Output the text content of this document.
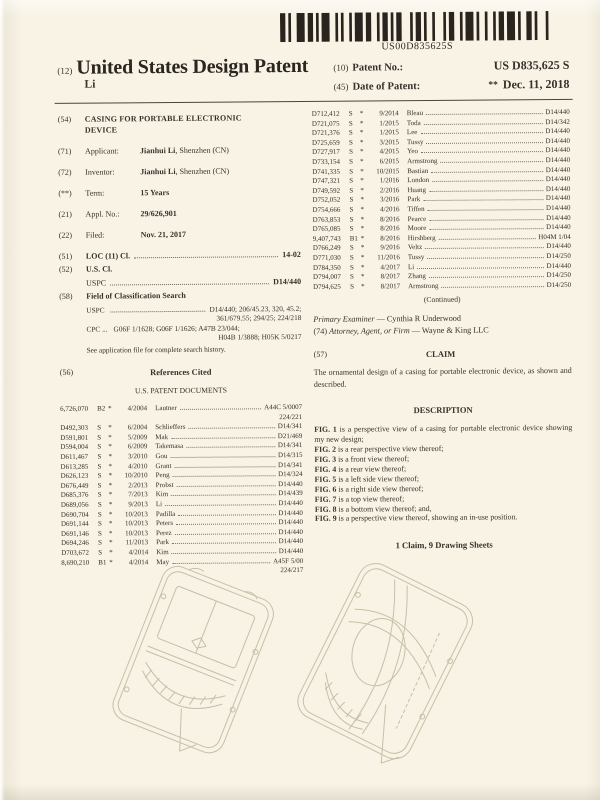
US00D835625S
(12) United States Design Patent
Li
(10) Patent No.:	US D835,625 S
(45) Date of Patent:	** Dec. 11, 2018
(54)	CASING FOR PORTABLE ELECTRONIC DEVICE
(71)	Applicant:	Jianhui Li, Shenzhen (CN)
(72)	Inventor:	Jianhui Li, Shenzhen (CN)
(**)	Term:	15 Years
(21)	Appl. No.:	29/626,901
(22)	Filed:	Nov. 21, 2017
(51)	LOC (11) Cl.	14-02
(52)	U.S. Cl.
USPC	D14/440
(58)	Field of Classification Search
USPC	D14/440; 206/45.23, 320, 45.2;
361/679.55; 294/25; 224/218
CPC ... G06F 1/1628; G06F 1/1626; A47B 23/044;
H04B 1/3888; H05K 5/0217
See application file for complete search history.
(56)	References Cited
U.S. PATENT DOCUMENTS
6,726,070	B2 *	4/2004 Lautner	A44C 5/0007
224/221
D492,303	S	*	6/2004 Schlieffers	D14/341
D591,801	S	*	5/2009 Mak	D21/469
D594,004	S	*	6/2009 Takemasa	D14/341
D611,467	S	*	3/2010 Gou	D14/315
D613,285	S	*	4/2010 Grant	D14/341
D626,123	S	*	10/2010 Peng	D14/324
D676,449	S	*	2/2013 Probst	D14/440
D685,376	S	*	7/2013 Kim	D14/439
D689,056	S	*	9/2013 Li	D14/440
D690,704	S	*	10/2013 Padilla	D14/440
D691,144	S	*	10/2013 Peters	D14/440
D691,146	S	*	10/2013 Perez	D14/440
D694,246	S	*	11/2013 Park	D14/440
D703,672	S	*	4/2014 Kim	D14/440
8,690,210	B1 *	4/2014 May	A45F 5/00
224/217
D712,412	S	*	9/2014 Bleau	D14/440
D721,075	S	*	1/2015 Toda	D14/342
D721,376	S	*	1/2015 Lee	D14/440
D725,659	S	*	3/2015 Tussy	D14/440
D727,917	S	*	4/2015 Yeo	D14/440
D733,154	S	*	6/2015 Armstrong	D14/440
D741,335	S	*	10/2015 Bastian	D14/440
D747,321	S	*	1/2016 London	D14/440
D749,592	S	*	2/2016 Huang	D14/440
D752,052	S	*	3/2016 Park	D14/440
D754,666	S	*	4/2016 Tiffen	D14/440
D763,853	S	*	8/2016 Pearce	D14/440
D765,085	S	*	8/2016 Moore	D14/440
9,407,743	B1 *	8/2016 Hirshberg	H04M 1/04
D766,249	S	*	9/2016 Veltz	D14/440
D771,030	S	*	11/2016 Tussy	D14/250
D784,350	S	*	4/2017 Li	D14/440
D794,007	S	*	8/2017 Zhang	D14/250
D794,625	S	*	8/2017 Armstrong	D14/250
(Continued)
Primary Examiner — Cynthia R Underwood
(74) Attorney, Agent, or Firm — Wayne & King LLC
(57)	CLAIM
The ornamental design of a casing for portable electronic device, as shown and described.
DESCRIPTION
FIG. 1 is a perspective view of a casing for portable electronic device showing my new design;
FIG. 2 is a rear perspective view thereof;
FIG. 3 is a front view thereof;
FIG. 4 is a rear view thereof;
FIG. 5 is a left side view thereof;
FIG. 6 is a right side view thereof;
FIG. 7 is a top view thereof;
FIG. 8 is a bottom view thereof; and,
FIG. 9 is a perspective view thereof, showing an in-use position.
1 Claim, 9 Drawing Sheets
